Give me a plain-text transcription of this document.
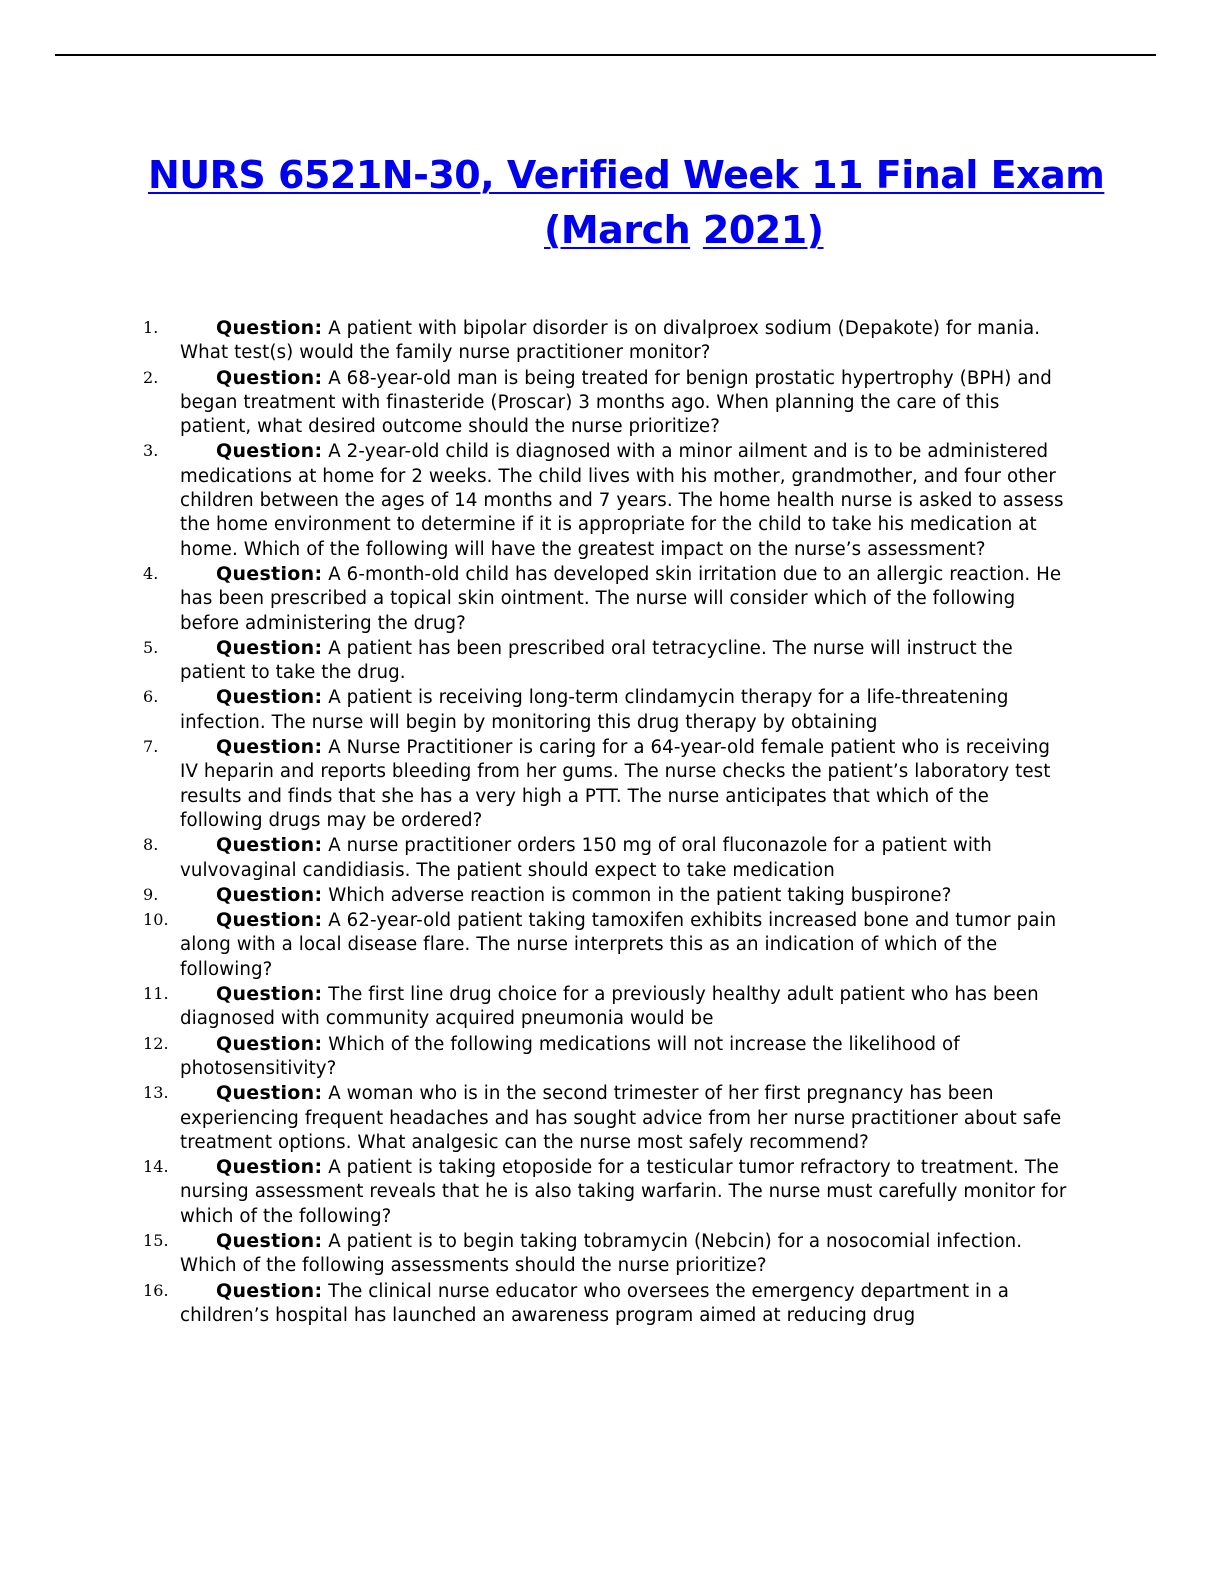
NURS 6521N-30, Verified Week 11 Final Exam
(March 2021)
1.	Question: A patient with bipolar disorder is on divalproex sodium (Depakote) for mania. What test(s) would the family nurse practitioner monitor?
2.	Question: A 68-year-old man is being treated for benign prostatic hypertrophy (BPH) and began treatment with finasteride (Proscar) 3 months ago. When planning the care of this patient, what desired outcome should the nurse prioritize?
3.	Question: A 2-year-old child is diagnosed with a minor ailment and is to be administered medications at home for 2 weeks. The child lives with his mother, grandmother, and four other children between the ages of 14 months and 7 years. The home health nurse is asked to assess the home environment to determine if it is appropriate for the child to take his medication at home. Which of the following will have the greatest impact on the nurse’s assessment?
4.	Question: A 6-month-old child has developed skin irritation due to an allergic reaction. He has been prescribed a topical skin ointment. The nurse will consider which of the following before administering the drug?
5.	Question: A patient has been prescribed oral tetracycline. The nurse will instruct the patient to take the drug.
6.	Question: A patient is receiving long-term clindamycin therapy for a life-threatening infection. The nurse will begin by monitoring this drug therapy by obtaining
7.	Question: A Nurse Practitioner is caring for a 64-year-old female patient who is receiving IV heparin and reports bleeding from her gums. The nurse checks the patient’s laboratory test results and finds that she has a very high a PTT. The nurse anticipates that which of the following drugs may be ordered?
8.	Question: A nurse practitioner orders 150 mg of oral fluconazole for a patient with vulvovaginal candidiasis. The patient should expect to take medication
9.	Question: Which adverse reaction is common in the patient taking buspirone?
10.	Question: A 62-year-old patient taking tamoxifen exhibits increased bone and tumor pain along with a local disease flare. The nurse interprets this as an indication of which of the following?
11.	Question: The first line drug choice for a previously healthy adult patient who has been diagnosed with community acquired pneumonia would be
12.	Question: Which of the following medications will not increase the likelihood of photosensitivity?
13.	Question: A woman who is in the second trimester of her first pregnancy has been experiencing frequent headaches and has sought advice from her nurse practitioner about safe treatment options. What analgesic can the nurse most safely recommend?
14.	Question: A patient is taking etoposide for a testicular tumor refractory to treatment. The nursing assessment reveals that he is also taking warfarin. The nurse must carefully monitor for which of the following?
15.	Question: A patient is to begin taking tobramycin (Nebcin) for a nosocomial infection. Which of the following assessments should the nurse prioritize?
16.	Question: The clinical nurse educator who oversees the emergency department in a children’s hospital has launched an awareness program aimed at reducing drug
